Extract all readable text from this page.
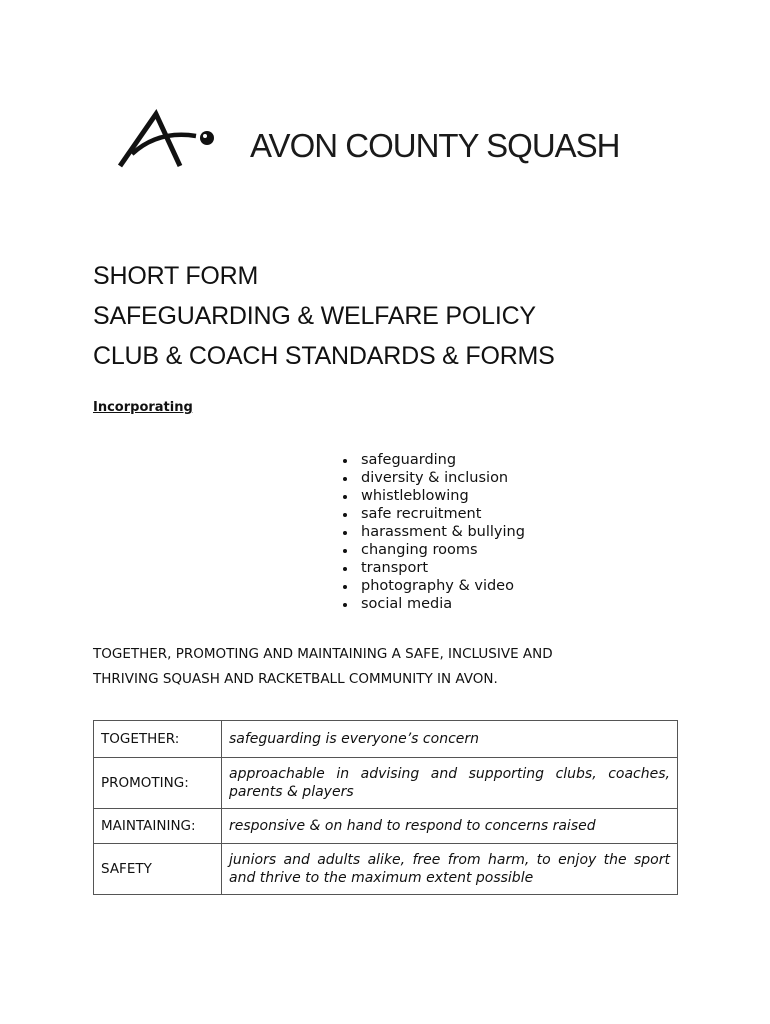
AVON COUNTY SQUASH
SHORT FORM
SAFEGUARDING & WELFARE POLICY
CLUB & COACH STANDARDS & FORMS
Incorporating
safeguarding
diversity & inclusion
whistleblowing
safe recruitment
harassment & bullying
changing rooms
transport
photography & video
social media
TOGETHER, PROMOTING AND MAINTAINING A SAFE, INCLUSIVE AND
THRIVING SQUASH AND RACKETBALL COMMUNITY IN AVON.
TOGETHER:	safeguarding is everyone’s concern
PROMOTING:	approachable in advising and supporting clubs, coaches, parents & players
MAINTAINING:	responsive & on hand to respond to concerns raised
SAFETY	juniors and adults alike, free from harm, to enjoy the sport and thrive to the maximum extent possible
